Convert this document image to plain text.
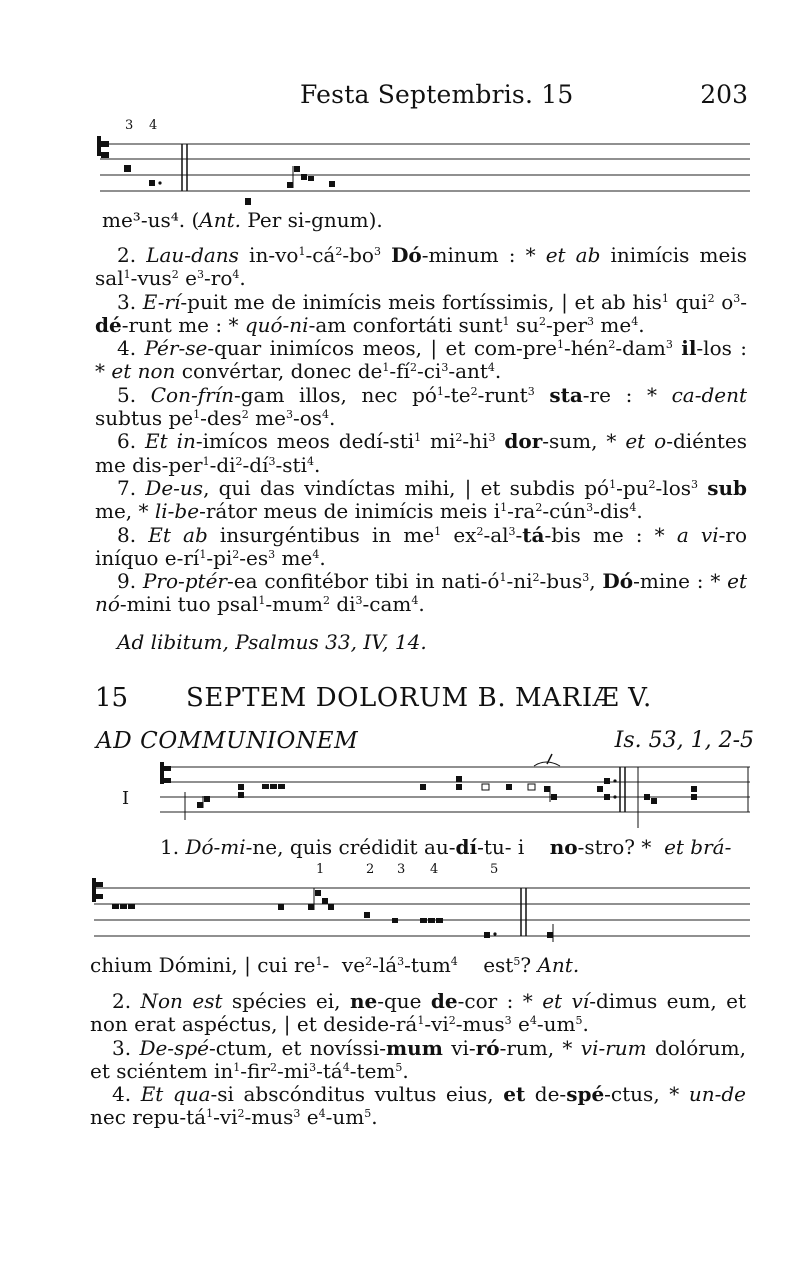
Festa Septembris. 15	203
3 4
me³-us⁴. (Ant. Per si-gnum).

2. Lau-dans $in-vo^1-cá^2-bo^3$ Dó-minum : * et ab inimícis meis sal$^1$-vus$^2$ $e^3-ro^4$.

3. E-rí-puit me de inimícis meis fortíssimis, | et ab his$^1$ qui$^2$ $o^3-dé$-runt me : * quó-ni-am confortáti sunt$^1$ $su^2-per^3$ $me^4$.

4. Pér-se-quar inimícos meos, | et com-pre$^1$-hén$^2$-dam$^3$ il-los : * et non convértar, donec $de^1-fí^2-ci^3-ant^4$.

5. Con-frín-gam illos, nec $pó^1-te^2-runt^3$ sta-re : * ca-dent subtus $pe^1-des^2$ $me^3-os^4$.

6. Et in-imícos meos dedí-sti$^1$ $mi^2-hi^3$ dor-sum, * et o-diéntes me dis-$per^1-di^2-dí^3-sti^4$.

7. De-us, qui das vindíctas mihi, | et subdis $pó^1-pu^2-los^3$ sub me, * li-be-rátor meus de inimícis meis $i^1-ra^2-cún^3-dis^4$.

8. Et ab insurgéntibus in $me^1$ $ex^2-al^3-tá$-bis me : * a vi-ro iníquo $e-rí^1-pi^2-es^3$ $me^4$.

9. Pro-ptér-ea confitébor tibi in nati-$ó^1-ni^2-bus^3$, Dó-mine : * et nó-mini tuo psal$^1$-mum$^2$ $di^3-cam^4$.

Ad libitum, Psalmus 33, IV, 14.
15 SEPTEM DOLORUM B. MARIÆ V.
AD COMMUNIONEM	Is. 53, 1, 2-5
I
1. Dó-mi-ne, quis crédidit au-dí-tu- i    no-stro? *  et brá-
1	2 3 4	5
chium Dómini, | cui $re^1-$  $ve^2-lá^3-tum^4$    est$^5$? Ant.

2. Non est spécies ei, ne-que de-cor : * et ví-dimus eum, et non erat aspéctus, | et deside-$rá^1-vi^2-mus^3$ $e^4-um^5$.

3. De-spé-ctum, et novíssi-mum vi-ró-rum, * vi-rum dolórum, et sciéntem $in^1-fir^2-mi^3-tá^4-tem^5$.

4. Et qua-si abscónditus vultus eius, et de-spé-ctus, * un-de nec repu-$tá^1-vi^2-mus^3$ $e^4-um^5$.
